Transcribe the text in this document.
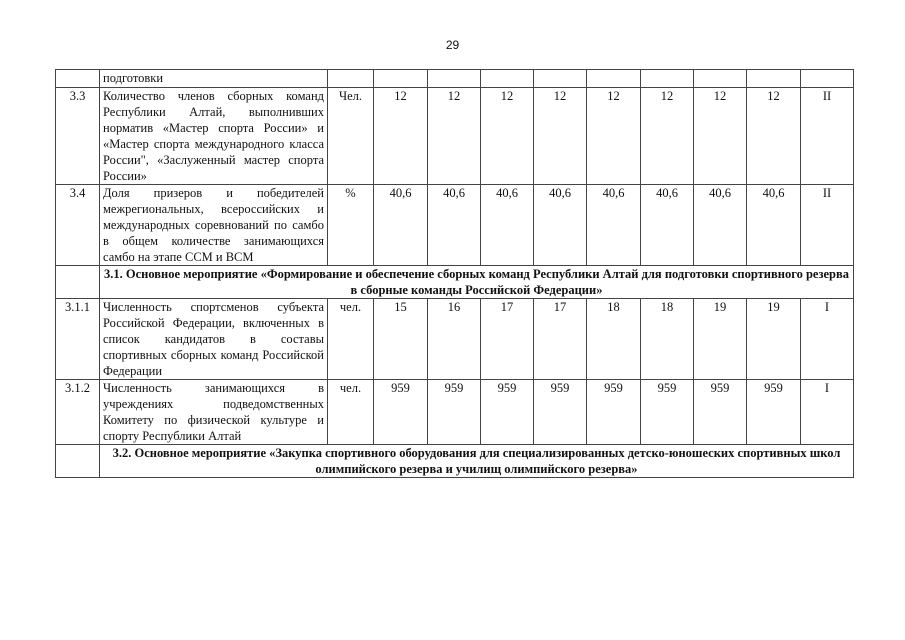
29
	подготовки										
3.3	Количество членов сборных команд Республики Алтай, выполнивших норматив «Мастер спорта России» и «Мастер спорта международного класса России", «Заслуженный мастер спорта России»	Чел.	12	12	12	12	12	12	12	12	II
3.4	Доля призеров и победителей межрегиональных, всероссийских и международных соревнований по самбо в общем количестве занимающихся самбо на этапе ССМ и ВСМ	%	40,6	40,6	40,6	40,6	40,6	40,6	40,6	40,6	II
	3.1. Основное мероприятие «Формирование и обеспечение сборных команд Республики Алтай для подготовки спортивного резерва в сборные команды Российской Федерации»										
3.1.1	Численность спортсменов субъекта Российской Федерации, включенных в список кандидатов в составы спортивных сборных команд Российской Федерации	чел.	15	16	17	17	18	18	19	19	I
3.1.2	Численность занимающихся в учреждениях подведомственных Комитету по физической культуре и спорту Республики Алтай	чел.	959	959	959	959	959	959	959	959	I
	3.2. Основное мероприятие «Закупка спортивного оборудования для специализированных детско-юношеских спортивных школ олимпийского резерва и училищ олимпийского резерва»										
